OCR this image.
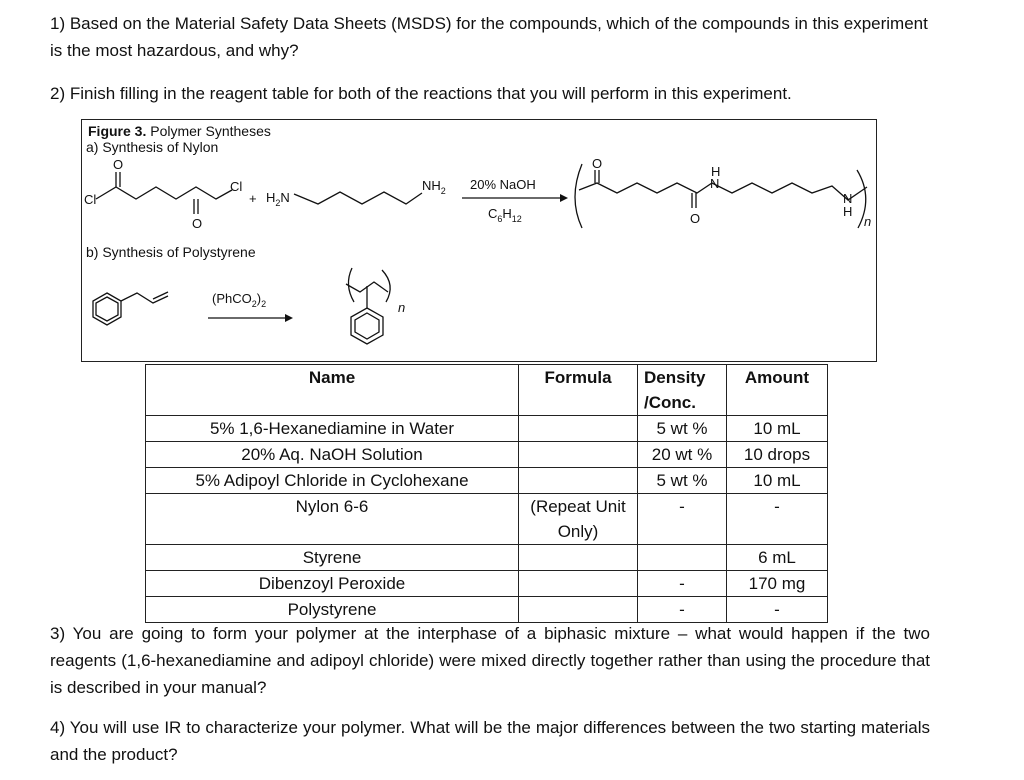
1) Based on the Material Safety Data Sheets (MSDS) for the compounds, which of the compounds in this experiment is the most hazardous, and why?

2) Finish filling in the reagent table for both of the reactions that you will perform in this experiment.

Figure 3. Polymer Syntheses
a) Synthesis of Nylon
b) Synthesis of Polystyrene
Cl
O
O
Cl
+ $H_2N$
$NH_2$ 20% NaOH
$C_6H_{12}$
O
O
H
N
N
H
n
$(PhCO_2)_2$	n
Name	Formula	Density /Conc.	Amount
5% 1,6-Hexanediamine in Water		5 wt %	10 mL
20% Aq. NaOH Solution		20 wt %	10 drops
5% Adipoyl Chloride in Cyclohexane		5 wt %	10 mL
Nylon 6-6	(Repeat Unit Only)	-	-
Styrene			6 mL
Dibenzoyl Peroxide		-	170 mg
Polystyrene		-	-

3) You are going to form your polymer at the interphase of a biphasic mixture – what would happen if the two reagents (1,6-hexanediamine and adipoyl chloride) were mixed directly together rather than using the procedure that is described in your manual?

4) You will use IR to characterize your polymer. What will be the major differences between the two starting materials and the product?
